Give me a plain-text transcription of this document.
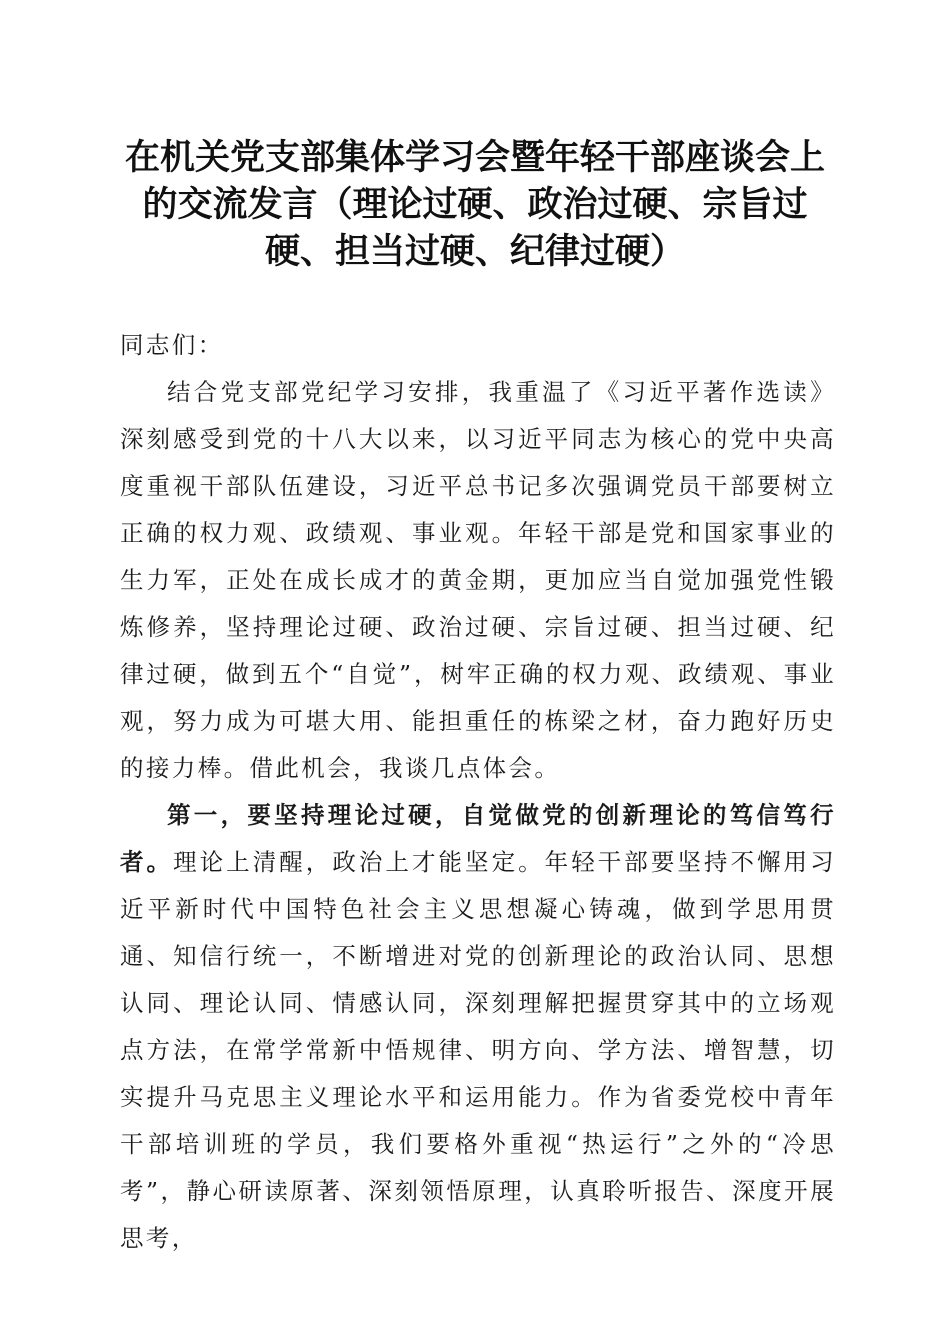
在机关党支部集体学习会暨年轻干部座谈会上的交流发言（理论过硬、政治过硬、宗旨过硬、担当过硬、纪律过硬）

同志们：

结合党支部党纪学习安排，我重温了《习近平著作选读》深刻感受到党的十八大以来，以习近平同志为核心的党中央高度重视干部队伍建设，习近平总书记多次强调党员干部要树立正确的权力观、政绩观、事业观。年轻干部是党和国家事业的生力军，正处在成长成才的黄金期，更加应当自觉加强党性锻炼修养，坚持理论过硬、政治过硬、宗旨过硬、担当过硬、纪律过硬，做到五个“自觉”，树牢正确的权力观、政绩观、事业观，努力成为可堪大用、能担重任的栋梁之材，奋力跑好历史的接力棒。借此机会，我谈几点体会。

第一，要坚持理论过硬，自觉做党的创新理论的笃信笃行者。理论上清醒，政治上才能坚定。年轻干部要坚持不懈用习近平新时代中国特色社会主义思想凝心铸魂，做到学思用贯通、知信行统一，不断增进对党的创新理论的政治认同、思想认同、理论认同、情感认同，深刻理解把握贯穿其中的立场观点方法，在常学常新中悟规律、明方向、学方法、增智慧，切实提升马克思主义理论水平和运用能力。作为省委党校中青年干部培训班的学员，我们要格外重视“热运行”之外的“冷思考”，静心研读原著、深刻领悟原理，认真聆听报告、深度开展思考，
